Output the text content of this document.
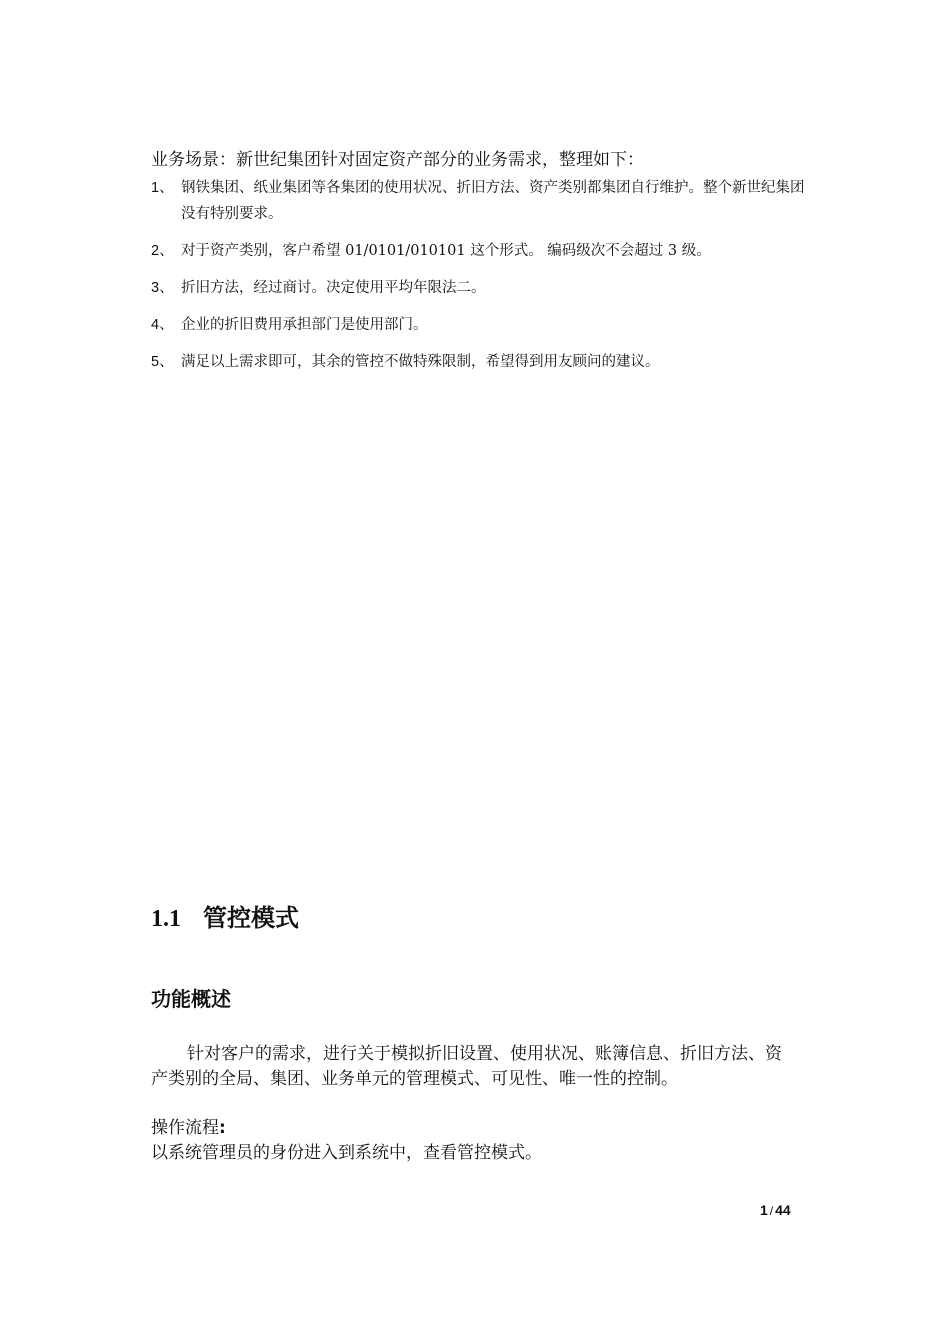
业务场景：新世纪集团针对固定资产部分的业务需求，整理如下：
1、 钢铁集团、纸业集团等各集团的使用状况、折旧方法、资产类别都集团自行维护。整个新世纪集团没有特别要求。
2、 对于资产类别，客户希望 01/0101/010101 这个形式。 编码级次不会超过 3 级。
3、 折旧方法，经过商讨。决定使用平均年限法二。
4、 企业的折旧费用承担部门是使用部门。
5、 满足以上需求即可，其余的管控不做特殊限制，希望得到用友顾问的建议。
1.1 管控模式
功能概述
针对客户的需求，进行关于模拟折旧设置、使用状况、账簿信息、折旧方法、资产类别的全局、集团、业务单元的管理模式、可见性、唯一性的控制。
操作流程:
以系统管理员的身份进入到系统中，查看管控模式。
1 / 44
